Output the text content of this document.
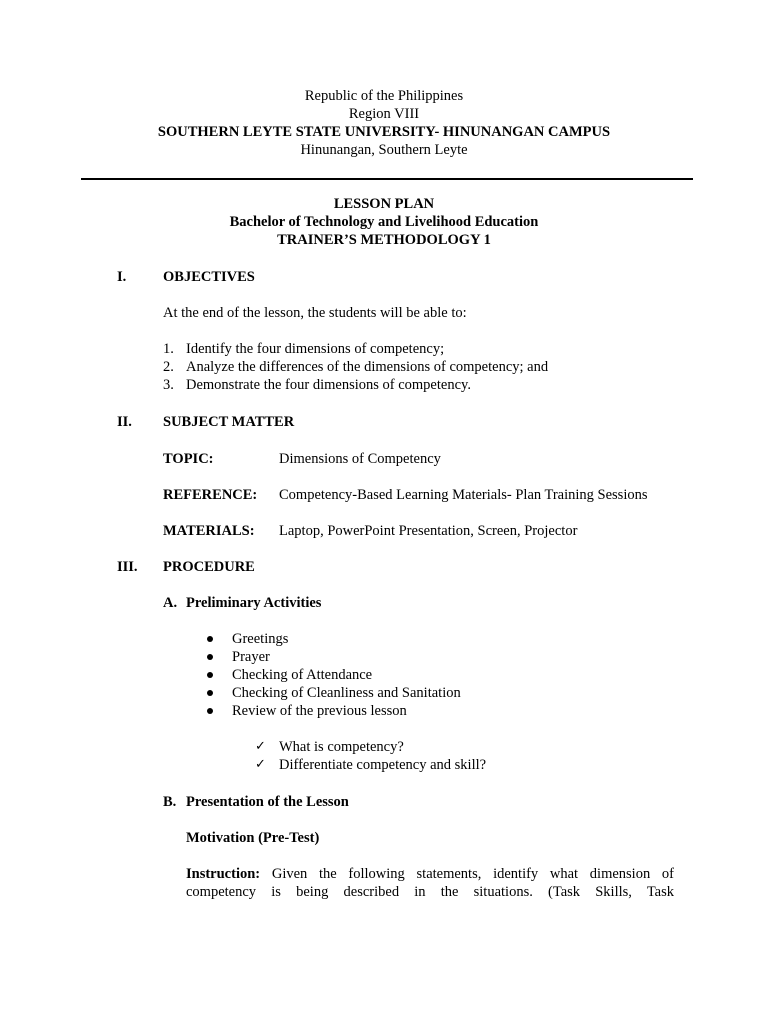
Republic of the Philippines
Region VIII
SOUTHERN LEYTE STATE UNIVERSITY- HINUNANGAN CAMPUS
Hinunangan, Southern Leyte
LESSON PLAN
Bachelor of Technology and Livelihood Education
TRAINER’S METHODOLOGY 1
I.	OBJECTIVES
At the end of the lesson, the students will be able to:
1. Identify the four dimensions of competency;
2. Analyze the differences of the dimensions of competency; and
3. Demonstrate the four dimensions of competency.
II. SUBJECT MATTER
TOPIC:	Dimensions of Competency
REFERENCE: Competency-Based Learning Materials- Plan Training Sessions
MATERIALS: Laptop, PowerPoint Presentation, Screen, Projector
III. PROCEDURE
A. Preliminary Activities
Greetings
Prayer
Checking of Attendance
Checking of Cleanliness and Sanitation
Review of the previous lesson
✓ What is competency?
✓ Differentiate competency and skill?
B. Presentation of the Lesson
Motivation (Pre-Test)
Instruction: Given the following statements, identify what dimension of
competency is being described in the situations. (Task Skills, Task
